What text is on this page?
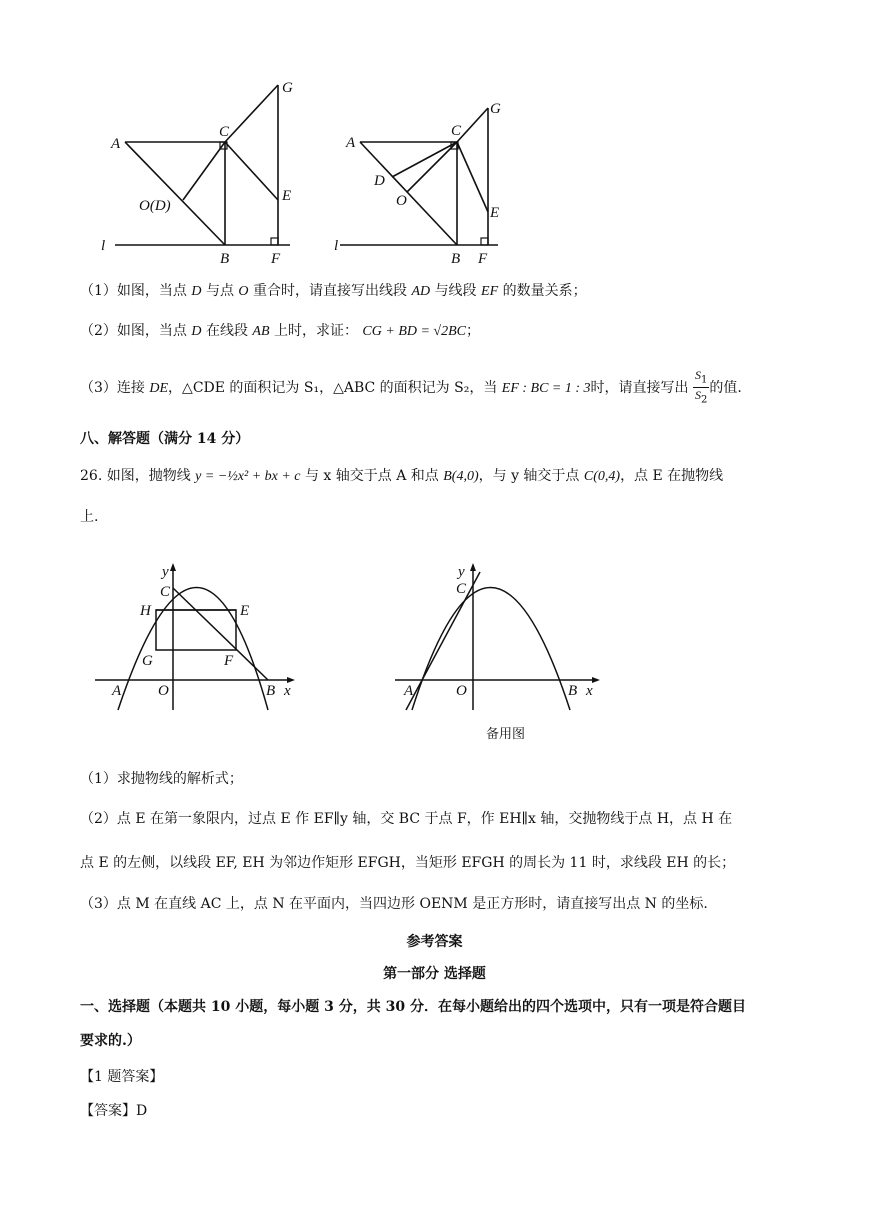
A
C
G
O(D)
E
l
B	F
A
C
G
D
O
E
l
B F
（1）如图，当点 D 与点 O 重合时，请直接写出线段 AD 与线段 EF 的数量关系；
（2）如图，当点 D 在线段 AB 上时，求证： CG + BD = √2BC；
（3）连接 DE，△CDE 的面积记为 S₁，△ABC 的面积记为 S₂，当 EF : BC = 1 : 3时，请直接写出 $\frac{S_1}{S_2}$ 的值.
八、解答题（满分 14 分）
26. 如图，抛物线 y = −½x² + bx + c 与 x 轴交于点 A 和点 B(4,0)，与 y 轴交于点 C(0,4)，点 E 在抛物线
上.
y
C
H	E
G	F
A O	B x
y
C
A	O	B x
备用图
（1）求抛物线的解析式；
（2）点 E 在第一象限内，过点 E 作 EF∥y 轴，交 BC 于点 F，作 EH∥x 轴，交抛物线于点 H，点 H 在
点 E 的左侧，以线段 EF, EH 为邻边作矩形 EFGH，当矩形 EFGH 的周长为 11 时，求线段 EH 的长；
（3）点 M 在直线 AC 上，点 N 在平面内，当四边形 OENM 是正方形时，请直接写出点 N 的坐标.
参考答案
第一部分 选择题
一、选择题（本题共 10 小题，每小题 3 分，共 30 分．在每小题给出的四个选项中，只有一项是符合题目
要求的.）
【1 题答案】
【答案】D
